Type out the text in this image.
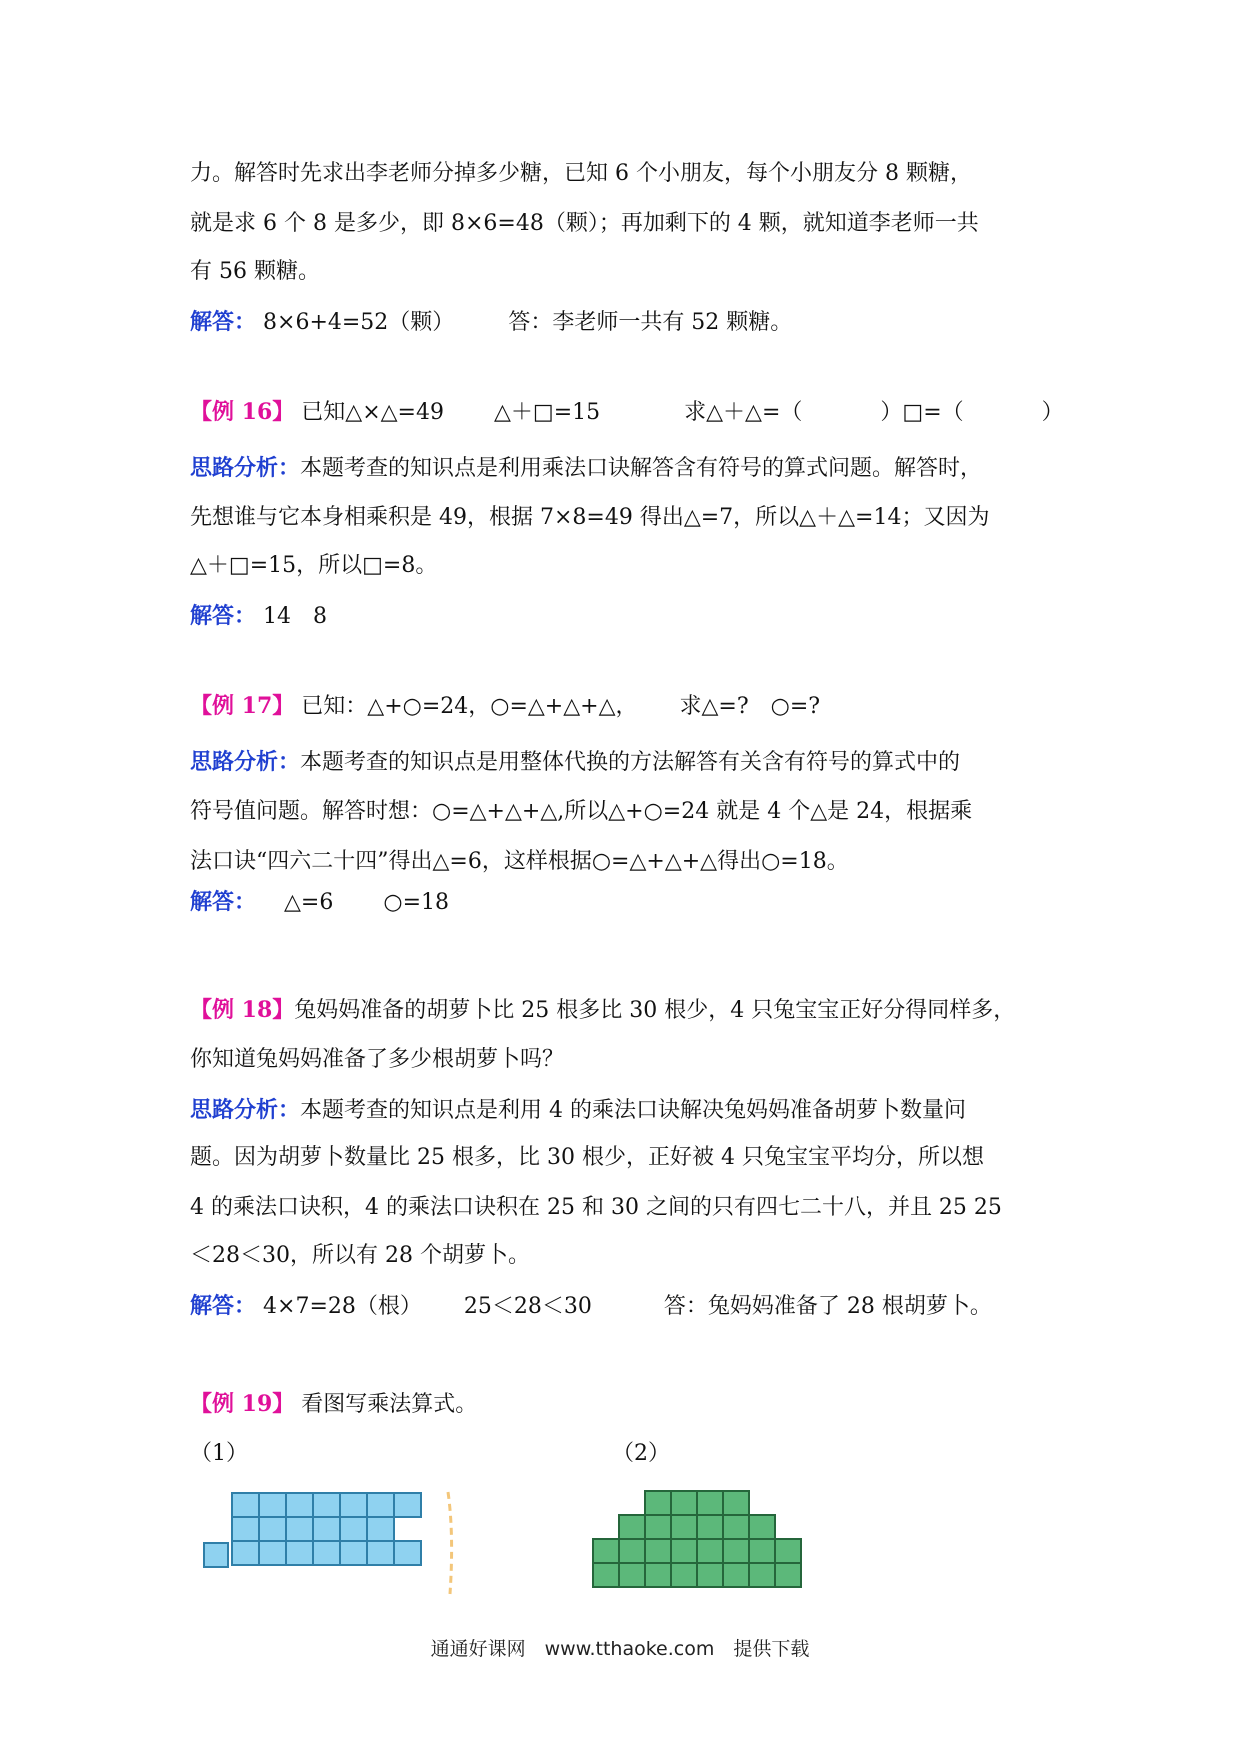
力。解答时先求出李老师分掉多少糖，已知 6 个小朋友，每个小朋友分 8 颗糖，
就是求 6 个 8 是多少，即 8×6=48（颗）；再加剩下的 4 颗，就知道李老师一共
有 56 颗糖。
解答： 8×6+4=52（颗） 答：李老师一共有 52 颗糖。
【例 16】 已知△×△=49 △＋□=15	求△＋△=（	）□=（	）
思路分析：本题考查的知识点是利用乘法口诀解答含有符号的算式问题。解答时，
先想谁与它本身相乘积是 49，根据 7×8=49 得出△=7，所以△＋△=14；又因为
△＋□=15，所以□=8。
解答： 14　8
【例 17】 已知：△+○=24，○=△+△+△， 求△=?　○=?
思路分析：本题考查的知识点是用整体代换的方法解答有关含有符号的算式中的
符号值问题。解答时想：○=△+△+△,所以△+○=24 就是 4 个△是 24，根据乘
法口诀“四六二十四”得出△=6，这样根据○=△+△+△得出○=18。
解答： △=6 ○=18
【例 18】兔妈妈准备的胡萝卜比 25 根多比 30 根少，4 只兔宝宝正好分得同样多，
你知道兔妈妈准备了多少根胡萝卜吗？
思路分析：本题考查的知识点是利用 4 的乘法口诀解决兔妈妈准备胡萝卜数量问
题。因为胡萝卜数量比 25 根多，比 30 根少，正好被 4 只兔宝宝平均分，所以想
4 的乘法口诀积，4 的乘法口诀积在 25 和 30 之间的只有四七二十八，并且 25 25
＜28＜30，所以有 28 个胡萝卜。
解答： 4×7=28（根） 25＜28＜30	答：兔妈妈准备了 28 根胡萝卜。
【例 19】 看图写乘法算式。
（1）	（2）
通通好课网　www.tthaoke.com　提供下载
